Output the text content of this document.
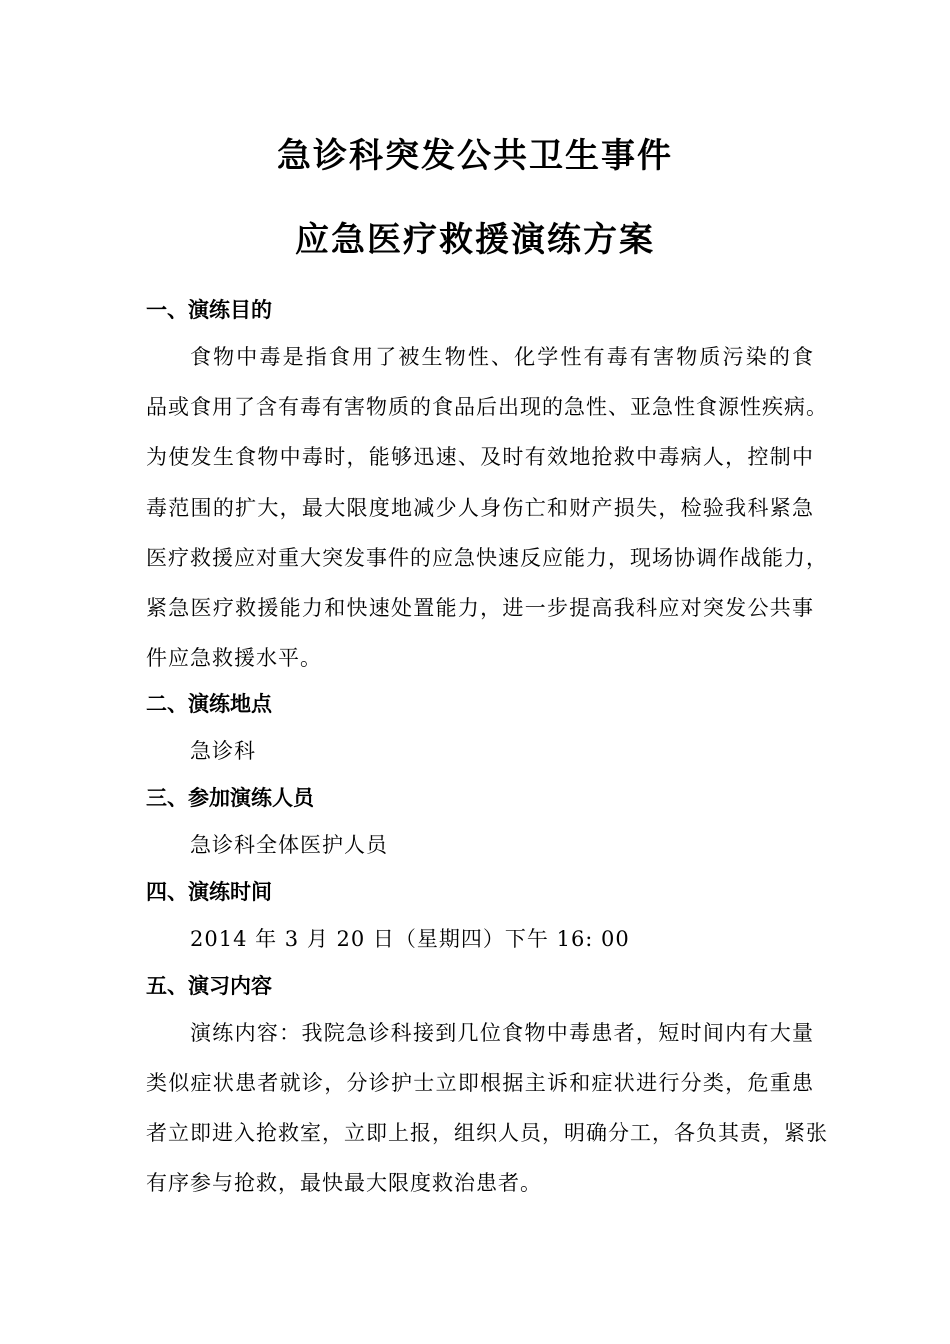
急诊科突发公共卫生事件
应急医疗救援演练方案
一、演练目的
食物中毒是指食用了被生物性、化学性有毒有害物质污染的食
品或食用了含有毒有害物质的食品后出现的急性、亚急性食源性疾病。
为使发生食物中毒时，能够迅速、及时有效地抢救中毒病人，控制中
毒范围的扩大，最大限度地减少人身伤亡和财产损失，检验我科紧急
医疗救援应对重大突发事件的应急快速反应能力，现场协调作战能力，
紧急医疗救援能力和快速处置能力，进一步提高我科应对突发公共事
件应急救援水平。
二、演练地点
急诊科
三、参加演练人员
急诊科全体医护人员
四、演练时间
2014 年 3 月 20 日（星期四）下午 16: 00
五、演习内容
演练内容：我院急诊科接到几位食物中毒患者，短时间内有大量
类似症状患者就诊，分诊护士立即根据主诉和症状进行分类，危重患
者立即进入抢救室，立即上报，组织人员，明确分工，各负其责，紧张
有序参与抢救，最快最大限度救治患者。
